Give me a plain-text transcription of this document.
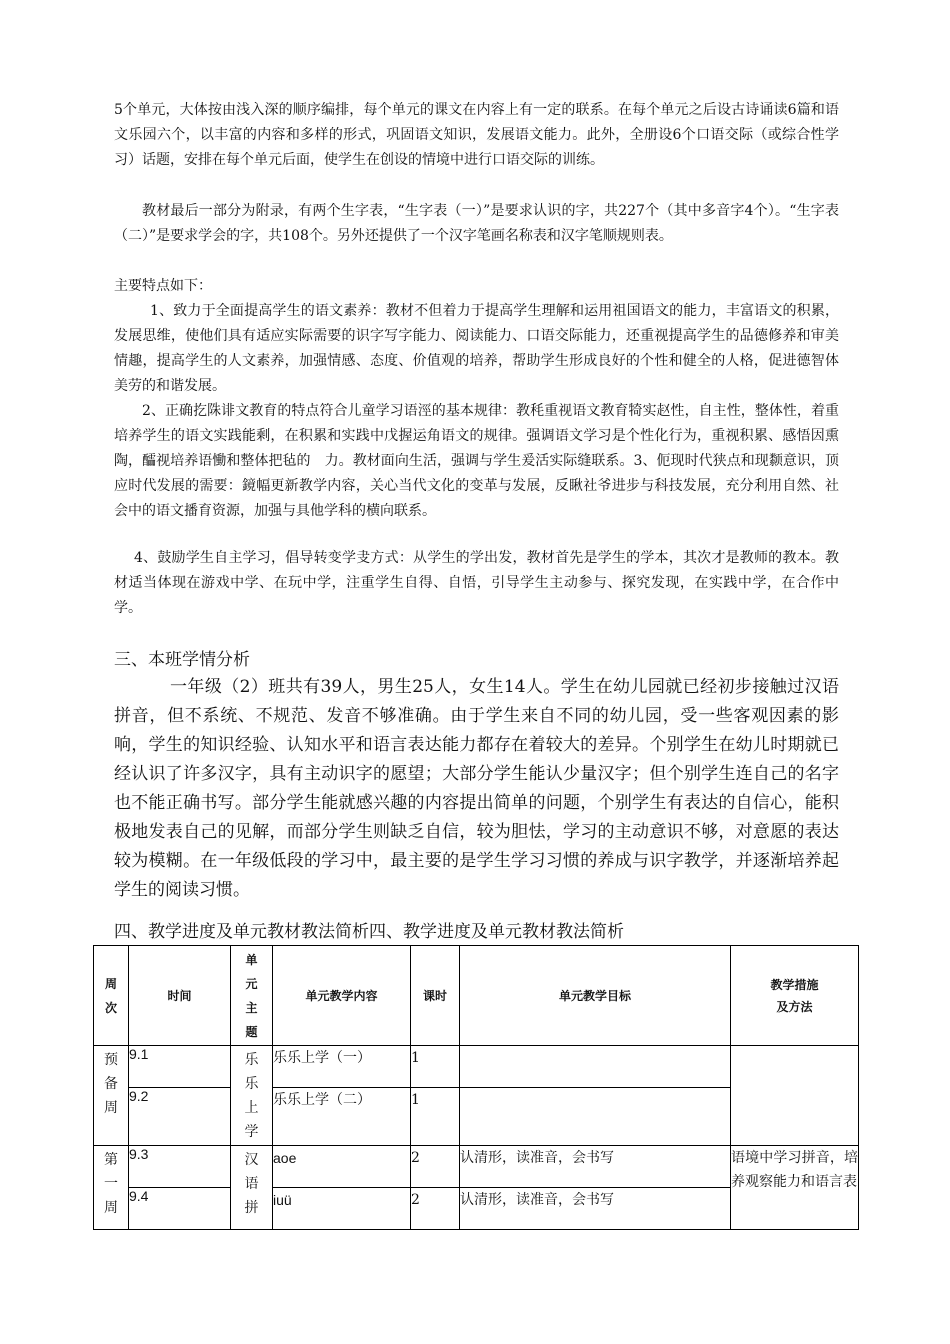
5个单元，大体按由浅入深的顺序编排，每个单元的课文在内容上有一定的联系。在每个单元之后设古诗诵读6篇和语文乐园六个，以丰富的内容和多样的形式，巩固语文知识，发展语文能力。此外，全册设6个口语交际（或综合性学习）话题，安排在每个单元后面，使学生在创设的情境中进行口语交际的训练。

教材最后一部分为附录，有两个生字表，“生字表（一）”是要求认识的字，共227个（其中多音字4个）。“生字表（二）”是要求学会的字，共108个。另外还提供了一个汉字笔画名称表和汉字笔顺规则表。

主要特点如下：

1、致力于全面提高学生的语文素养：教材不但着力于提高学生理解和运用祖国语文的能力，丰富语文的积累，发展思维，使他们具有适应实际需要的识字写字能力、阅读能力、口语交际能力，还重视提高学生的品德修养和审美情趣，提高学生的人文素养，加强情感、态度、价值观的培养，帮助学生形成良好的个性和健全的人格，促进德智体美劳的和谐发展。

2、正确扢陎诽文教育的特点符合儿童学习语涇的基本规律：教秏重视语文教育犄实赵性，自主性，整体性，着重培养学生的语文实践能剩，在积累和实践中戊握运角语文的规律。强调语文学习是个性化行为，重视积累、感悟因熏陶，醽视培养语慟和整体把毡的　力。教材面向生活，强调与学生爰活实际缝联系。3、伌现时代狭点和现颣意识，顶应时代发展的需要：鏡幅更新教学内容，关心当代文化的变革与发展，反瞅社爷进步与科技发展，充分利用自然、社会中的语文播育资源，加强与具他学科的横向联系。

4、鼓励学生自主学习，倡导转变学叏方式：从学生的学出发，教材首先是学生的学本，其次才是教师的教本。教材适当体现在游戏中学、在玩中学，注重学生自得、自悟，引导学生主动参与、探究发现，在实践中学，在合作中学。

三、本班学情分析

一年级（2）班共有39人，男生25人，女生14人。学生在幼儿园就已经初步接触过汉语拼音，但不系统、不规范、发音不够准确。由于学生来自不同的幼儿园，受一些客观因素的影响，学生的知识经验、认知水平和语言表达能力都存在着较大的差异。个别学生在幼儿时期就已经认识了许多汉字，具有主动识字的愿望；大部分学生能认少量汉字；但个别学生连自己的名字也不能正确书写。部分学生能就感兴趣的内容提出简单的问题，个别学生有表达的自信心，能积极地发表自己的见解，而部分学生则缺乏自信，较为胆怯，学习的主动意识不够，对意愿的表达较为模糊。在一年级低段的学习中，最主要的是学生学习习惯的养成与识字教学，并逐渐培养起学生的阅读习惯。

四、教学进度及单元教材教法简析四、教学进度及单元教材教法简析
周次	时间	单元主题	单元教学内容	课时	单元教学目标	教学措施
及方法

预备周	9.1	乐乐上学	乐乐上学（一）	1		
	9.2		乐乐上学（二）	1		

第一周	9.3	汉语拼	aoe	2	认清形，读准音，会书写	语境中学习拼音，培养观察能力和语言表
	9.4		iuü	2	认清形，读准音，会书写	
